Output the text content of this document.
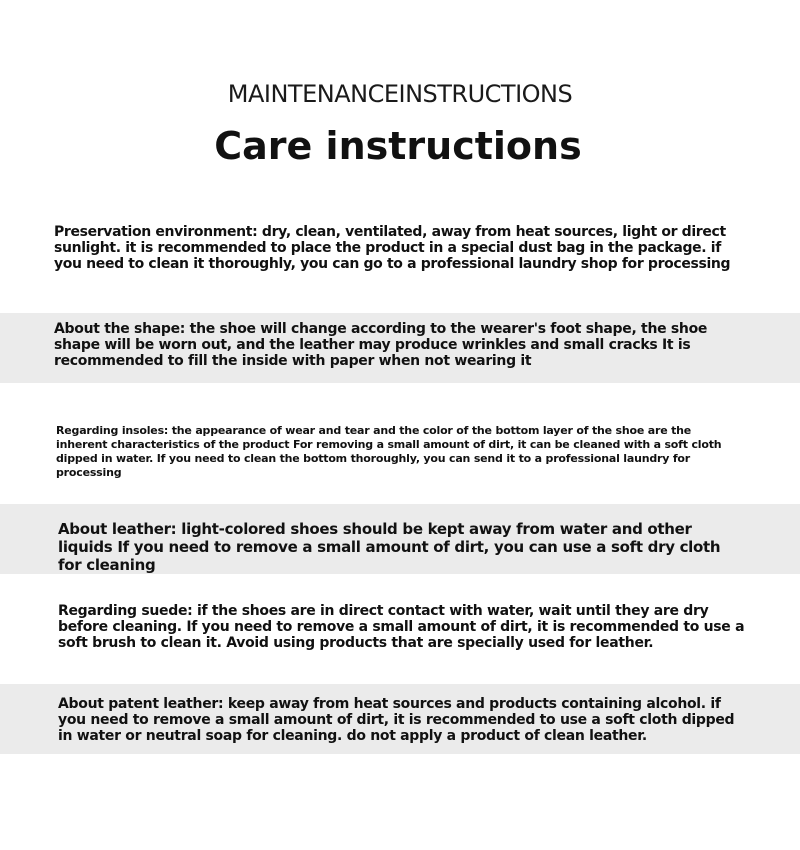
MAINTENANCEINSTRUCTIONS
Care instructions

Preservation environment: dry, clean, ventilated, away from heat sources, light or direct sunlight. it is recommended to place the product in a special dust bag in the package. if you need to clean it thoroughly, you can go to a professional laundry shop for processing

About the shape: the shoe will change according to the wearer's foot shape, the shoe shape will be worn out, and the leather may produce wrinkles and small cracks It is recommended to fill the inside with paper when not wearing it

Regarding insoles: the appearance of wear and tear and the color of the bottom layer of the shoe are the inherent characteristics of the product For removing a small amount of dirt, it can be cleaned with a soft cloth dipped in water. If you need to clean the bottom thoroughly, you can send it to a professional laundry for processing

About leather: light-colored shoes should be kept away from water and other liquids If you need to remove a small amount of dirt, you can use a soft dry cloth for cleaning

Regarding suede: if the shoes are in direct contact with water, wait until they are dry before cleaning. If you need to remove a small amount of dirt, it is recommended to use a soft brush to clean it. Avoid using products that are specially used for leather.

About patent leather: keep away from heat sources and products containing alcohol. if you need to remove a small amount of dirt, it is recommended to use a soft cloth dipped in water or neutral soap for cleaning. do not apply a product of clean leather.
